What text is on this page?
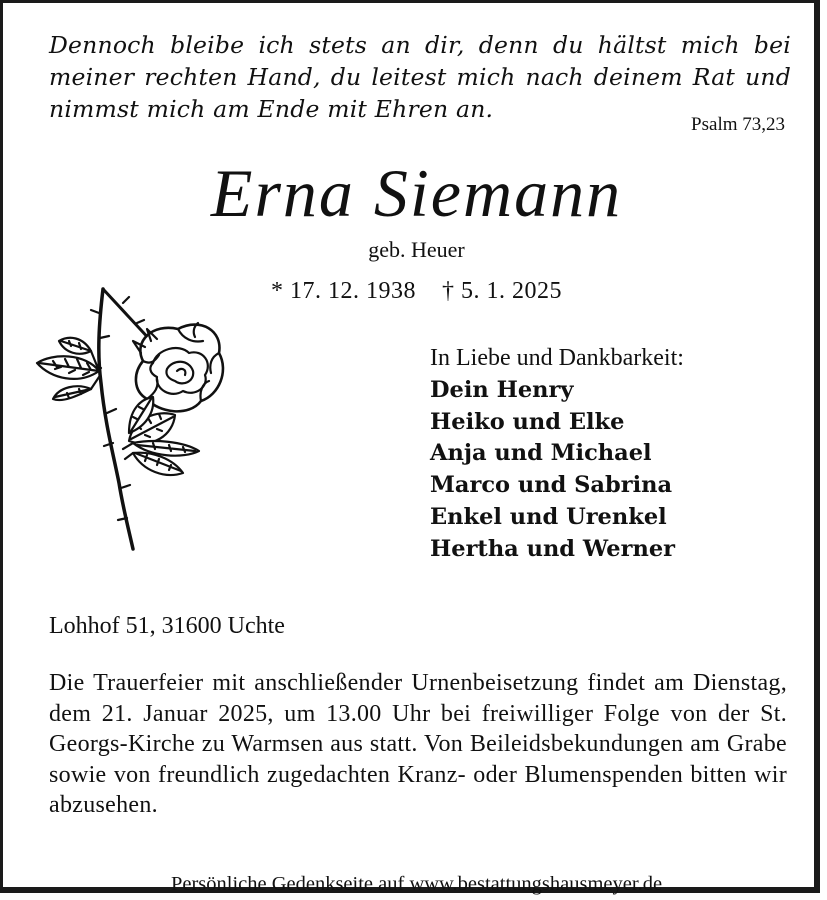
Dennoch bleibe ich stets an dir, denn du hältst mich bei meiner rechten Hand, du leitest mich nach deinem Rat und nimmst mich am Ende mit Ehren an.
Psalm 73,23
Erna Siemann
geb. Heuer
* 17. 12. 1938 † 5. 1. 2025
In Liebe und Dankbarkeit:
Dein Henry
Heiko und Elke
Anja und Michael
Marco und Sabrina
Enkel und Urenkel
Hertha und Werner
Lohhof 51, 31600 Uchte
Die Trauerfeier mit anschließender Urnenbeisetzung findet am Dienstag, dem 21. Januar 2025, um 13.00 Uhr bei freiwilliger Folge von der St. Georgs-Kirche zu Warmsen aus statt. Von Beileidsbekundungen am Grabe sowie von freundlich zugedachten Kranz- oder Blumenspenden bitten wir abzusehen.
Persönliche Gedenkseite auf www.bestattungshausmeyer.de
